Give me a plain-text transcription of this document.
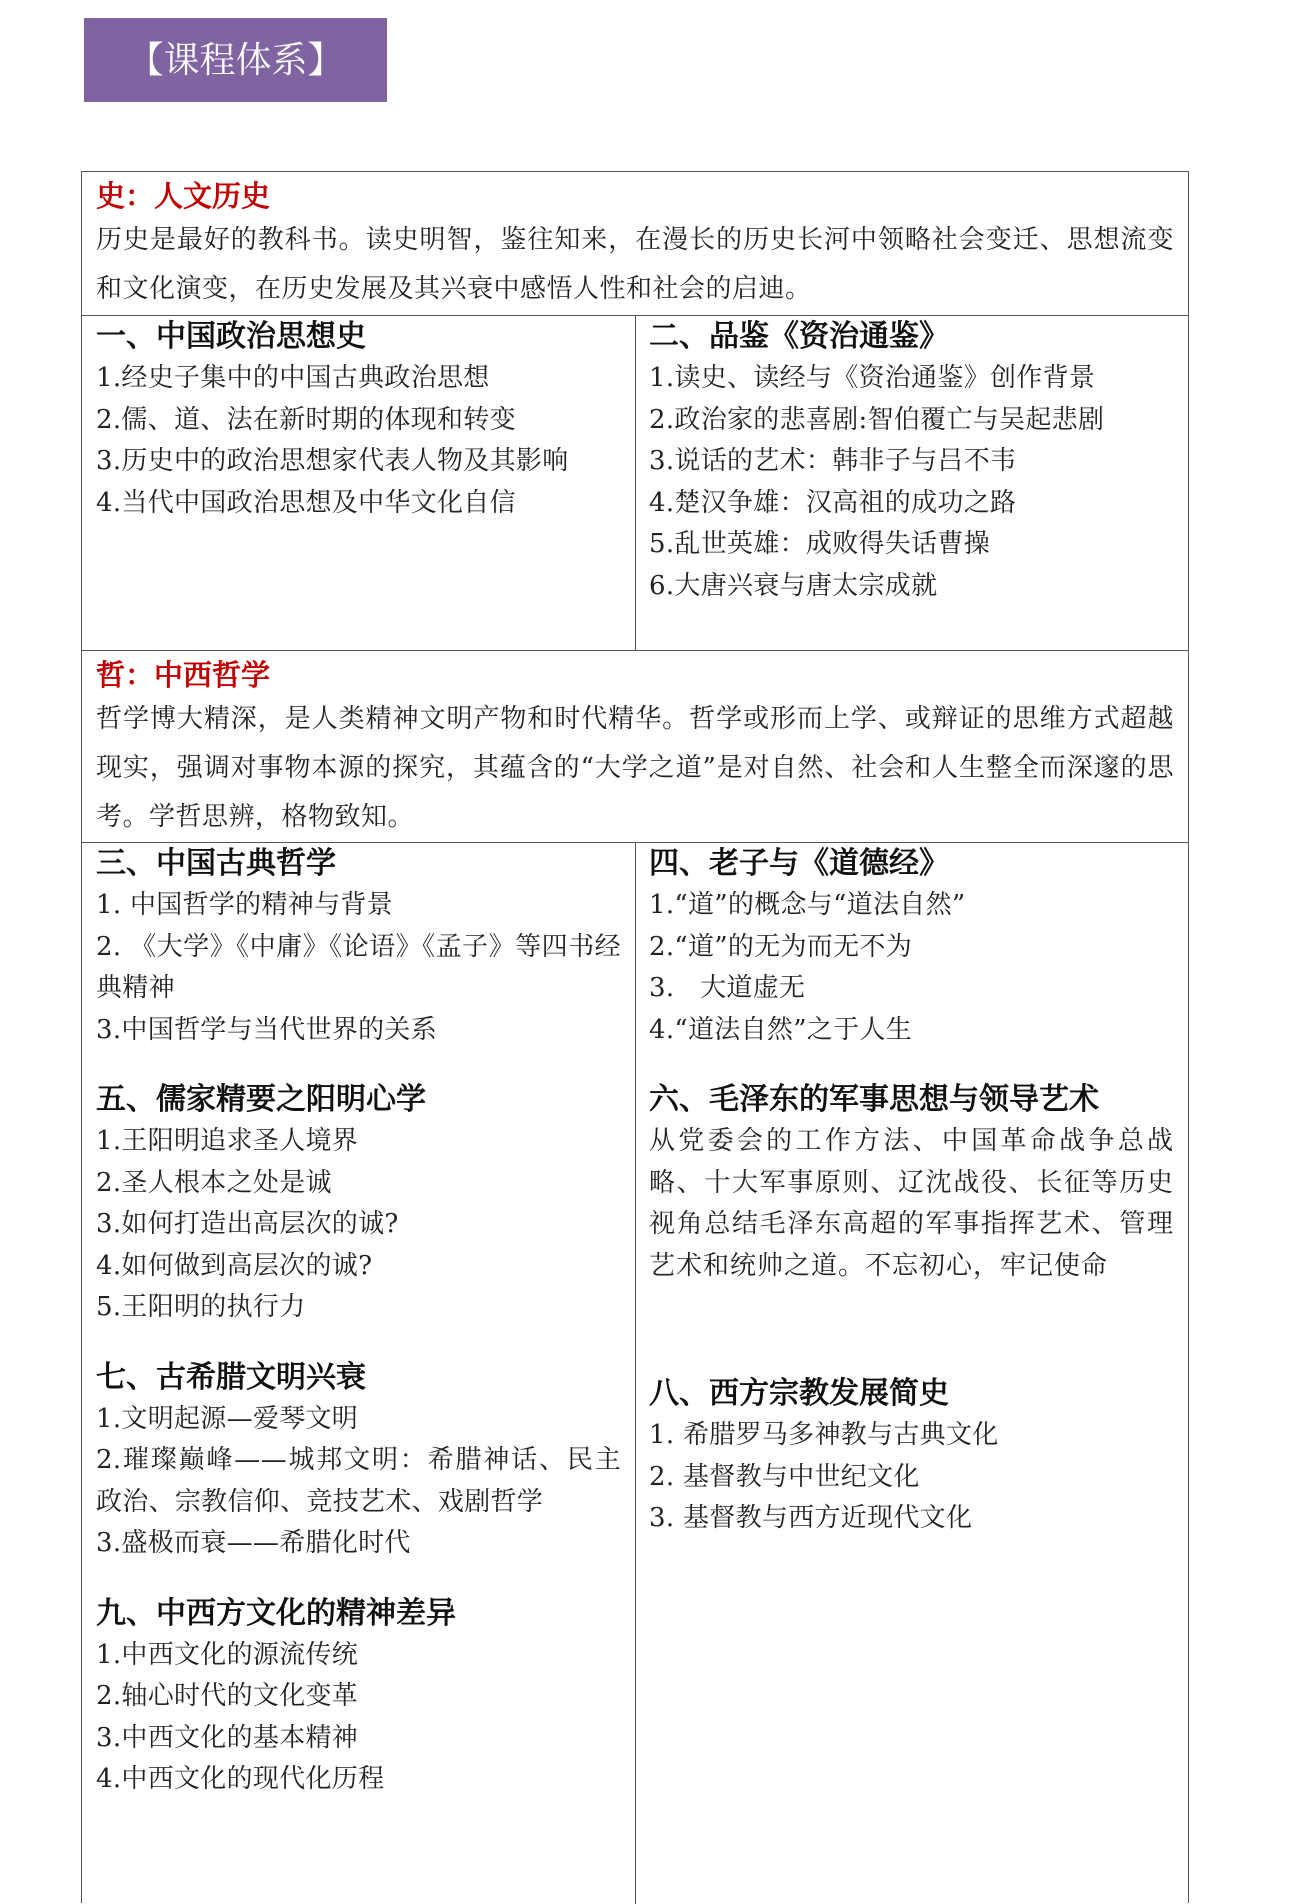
【课程体系】
史：人文历史
历史是最好的教科书。读史明智，鉴往知来，在漫长的历史长河中领略社会变迁、思想流变和文化演变，在历史发展及其兴衰中感悟人性和社会的启迪。
一、中国政治思想史
1.经史子集中的中国古典政治思想
2.儒、道、法在新时期的体现和转变
3.历史中的政治思想家代表人物及其影响
4.当代中国政治思想及中华文化自信
二、品鉴《资治通鉴》
1.读史、读经与《资治通鉴》创作背景
2.政治家的悲喜剧:智伯覆亡与吴起悲剧
3.说话的艺术：韩非子与吕不韦
4.楚汉争雄：汉高祖的成功之路
5.乱世英雄：成败得失话曹操
6.大唐兴衰与唐太宗成就
哲：中西哲学
哲学博大精深，是人类精神文明产物和时代精华。哲学或形而上学、或辩证的思维方式超越现实，强调对事物本源的探究，其蕴含的“大学之道”是对自然、社会和人生整全而深邃的思考。学哲思辨，格物致知。
三、中国古典哲学
1. 中国哲学的精神与背景
2. 《大学》《中庸》《论语》《孟子》等四书经典精神
3.中国哲学与当代世界的关系
五、儒家精要之阳明心学
1.王阳明追求圣人境界
2.圣人根本之处是诚
3.如何打造出高层次的诚?
4.如何做到高层次的诚?
5.王阳明的执行力
七、古希腊文明兴衰
1.文明起源—爱琴文明
2.璀璨巅峰——城邦文明：希腊神话、民主政治、宗教信仰、竞技艺术、戏剧哲学
3.盛极而衰——希腊化时代
九、中西方文化的精神差异
1.中西文化的源流传统
2.轴心时代的文化变革
3.中西文化的基本精神
4.中西文化的现代化历程
四、老子与《道德经》
1.“道”的概念与“道法自然”
2.“道”的无为而无不为
3.   大道虚无
4.“道法自然”之于人生
六、毛泽东的军事思想与领导艺术
从党委会的工作方法、中国革命战争总战略、十大军事原则、辽沈战役、长征等历史视角总结毛泽东高超的军事指挥艺术、管理艺术和统帅之道。不忘初心，牢记使命
八、西方宗教发展简史
1. 希腊罗马多神教与古典文化
2. 基督教与中世纪文化
3. 基督教与西方近现代文化
